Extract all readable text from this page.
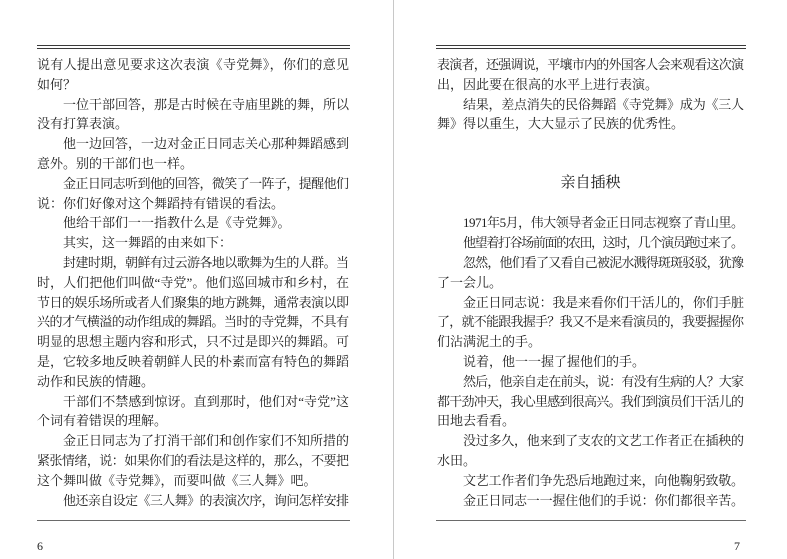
说有人提出意见要求这次表演《寺党舞》，你们的意见
如何？
一位干部回答，那是古时候在寺庙里跳的舞，所以
没有打算表演。
他一边回答，一边对金正日同志关心那种舞蹈感到
意外。别的干部们也一样。
金正日同志听到他的回答，微笑了一阵子，提醒他们
说：你们好像对这个舞蹈持有错误的看法。
他给干部们一一指教什么是《寺党舞》。
其实，这一舞蹈的由来如下：
封建时期，朝鲜有过云游各地以歌舞为生的人群。当
时，人们把他们叫做“寺党”。他们巡回城市和乡村，在
节日的娱乐场所或者人们聚集的地方跳舞，通常表演以即
兴的才气横溢的动作组成的舞蹈。当时的寺党舞，不具有
明显的思想主题内容和形式，只不过是即兴的舞蹈。可
是，它较多地反映着朝鲜人民的朴素而富有特色的舞蹈
动作和民族的情趣。
干部们不禁感到惊讶。直到那时，他们对“寺党”这
个词有着错误的理解。
金正日同志为了打消干部们和创作家们不知所措的
紧张情绪，说：如果你们的看法是这样的，那么，不要把
这个舞叫做《寺党舞》，而要叫做《三人舞》吧。
他还亲自设定《三人舞》的表演次序，询问怎样安排
6
表演者，还强调说，平壤市内的外国客人会来观看这次演
出，因此要在很高的水平上进行表演。
结果，差点消失的民俗舞蹈《寺党舞》成为《三人
舞》得以重生，大大显示了民族的优秀性。
亲自插秧
1971年5月，伟大领导者金正日同志视察了青山里。
他望着打谷场前面的农田，这时，几个演员跑过来了。
忽然，他们看了又看自己被泥水溅得斑斑驳驳，犹豫
了一会儿。
金正日同志说：我是来看你们干活儿的，你们手脏
了，就不能跟我握手？我又不是来看演员的，我要握握你
们沾满泥土的手。
说着，他一一握了握他们的手。
然后，他亲自走在前头，说：有没有生病的人？大家
都干劲冲天，我心里感到很高兴。我们到演员们干活儿的
田地去看看。
没过多久，他来到了支农的文艺工作者正在插秧的
水田。
文艺工作者们争先恐后地跑过来，向他鞠躬致敬。
金正日同志一一握住他们的手说：你们都很辛苦。
7
